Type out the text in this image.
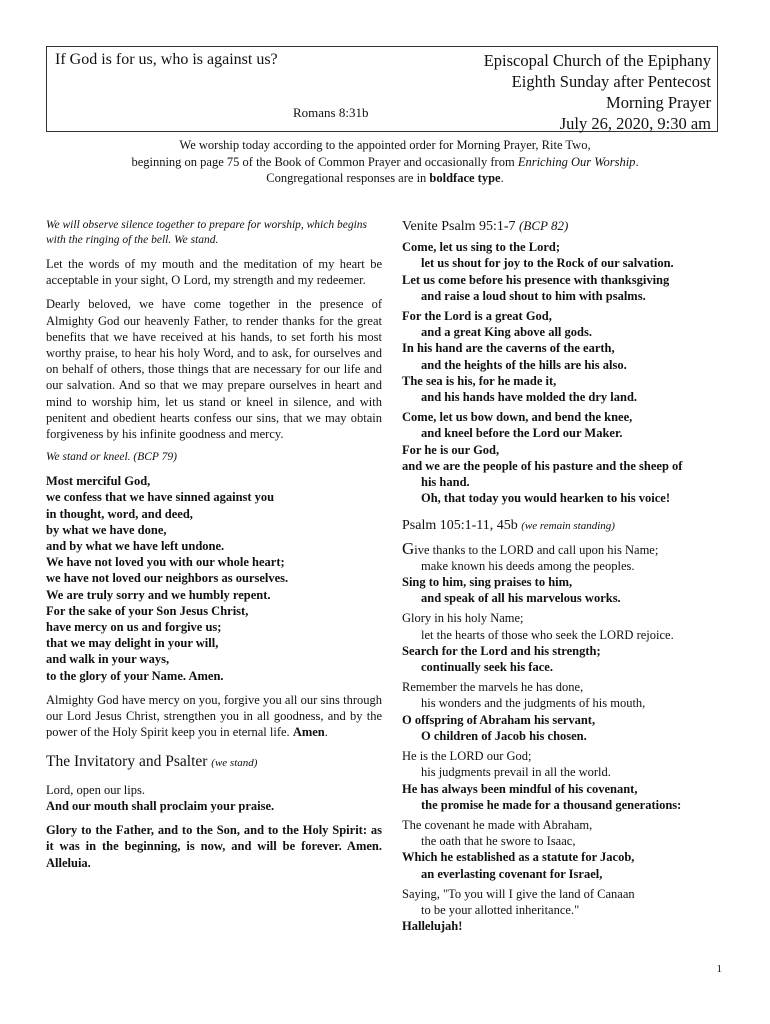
If God is for us, who is against us?
Romans 8:31b
Episcopal Church of the Epiphany
Eighth Sunday after Pentecost
Morning Prayer
July 26, 2020, 9:30 am
We worship today according to the appointed order for Morning Prayer, Rite Two,
beginning on page 75 of the Book of Common Prayer and occasionally from Enriching Our Worship.
Congregational responses are in boldface type.

We will observe silence together to prepare for worship, which begins with the ringing of the bell. We stand.

Let the words of my mouth and the meditation of my heart be acceptable in your sight, O Lord, my strength and my redeemer.

Dearly beloved, we have come together in the presence of Almighty God our heavenly Father, to render thanks for the great benefits that we have received at his hands, to set forth his most worthy praise, to hear his holy Word, and to ask, for ourselves and on behalf of others, those things that are necessary for our life and our salvation. And so that we may prepare ourselves in heart and mind to worship him, let us stand or kneel in silence, and with penitent and obedient hearts confess our sins, that we may obtain forgiveness by his infinite goodness and mercy.

We stand or kneel. (BCP 79)

Most merciful God,
we confess that we have sinned against you
in thought, word, and deed,
by what we have done,
and by what we have left undone.
We have not loved you with our whole heart;
we have not loved our neighbors as ourselves.
We are truly sorry and we humbly repent.
For the sake of your Son Jesus Christ,
have mercy on us and forgive us;
that we may delight in your will,
and walk in your ways,
to the glory of your Name. Amen.

Almighty God have mercy on you, forgive you all our sins through our Lord Jesus Christ, strengthen you in all goodness, and by the power of the Holy Spirit keep you in eternal life. Amen.

The Invitatory and Psalter (we stand)
Lord, open our lips.
And our mouth shall proclaim your praise.

Glory to the Father, and to the Son, and to the Holy Spirit: as it was in the beginning, is now, and will be forever. Amen. Alleluia.

Venite Psalm 95:1-7 (BCP 82)
Come, let us sing to the Lord;
let us shout for joy to the Rock of our salvation.
Let us come before his presence with thanksgiving
and raise a loud shout to him with psalms.
For the Lord is a great God,
and a great King above all gods.
In his hand are the caverns of the earth,
and the heights of the hills are his also.
The sea is his, for he made it,
and his hands have molded the dry land.
Come, let us bow down, and bend the knee,
and kneel before the Lord our Maker.
For he is our God,
and we are the people of his pasture and the sheep of
his hand.
Oh, that today you would hearken to his voice!
Psalm 105:1-11, 45b (we remain standing)
Give thanks to the LORD and call upon his Name;
make known his deeds among the peoples.
Sing to him, sing praises to him,
and speak of all his marvelous works.
Glory in his holy Name;
let the hearts of those who seek the LORD rejoice.
Search for the Lord and his strength;
continually seek his face.
Remember the marvels he has done,
his wonders and the judgments of his mouth,
O offspring of Abraham his servant,
O children of Jacob his chosen.
He is the LORD our God;
his judgments prevail in all the world.
He has always been mindful of his covenant,
the promise he made for a thousand generations:
The covenant he made with Abraham,
the oath that he swore to Isaac,
Which he established as a statute for Jacob,
an everlasting covenant for Israel,
Saying, "To you will I give the land of Canaan
to be your allotted inheritance."
Hallelujah!
1
